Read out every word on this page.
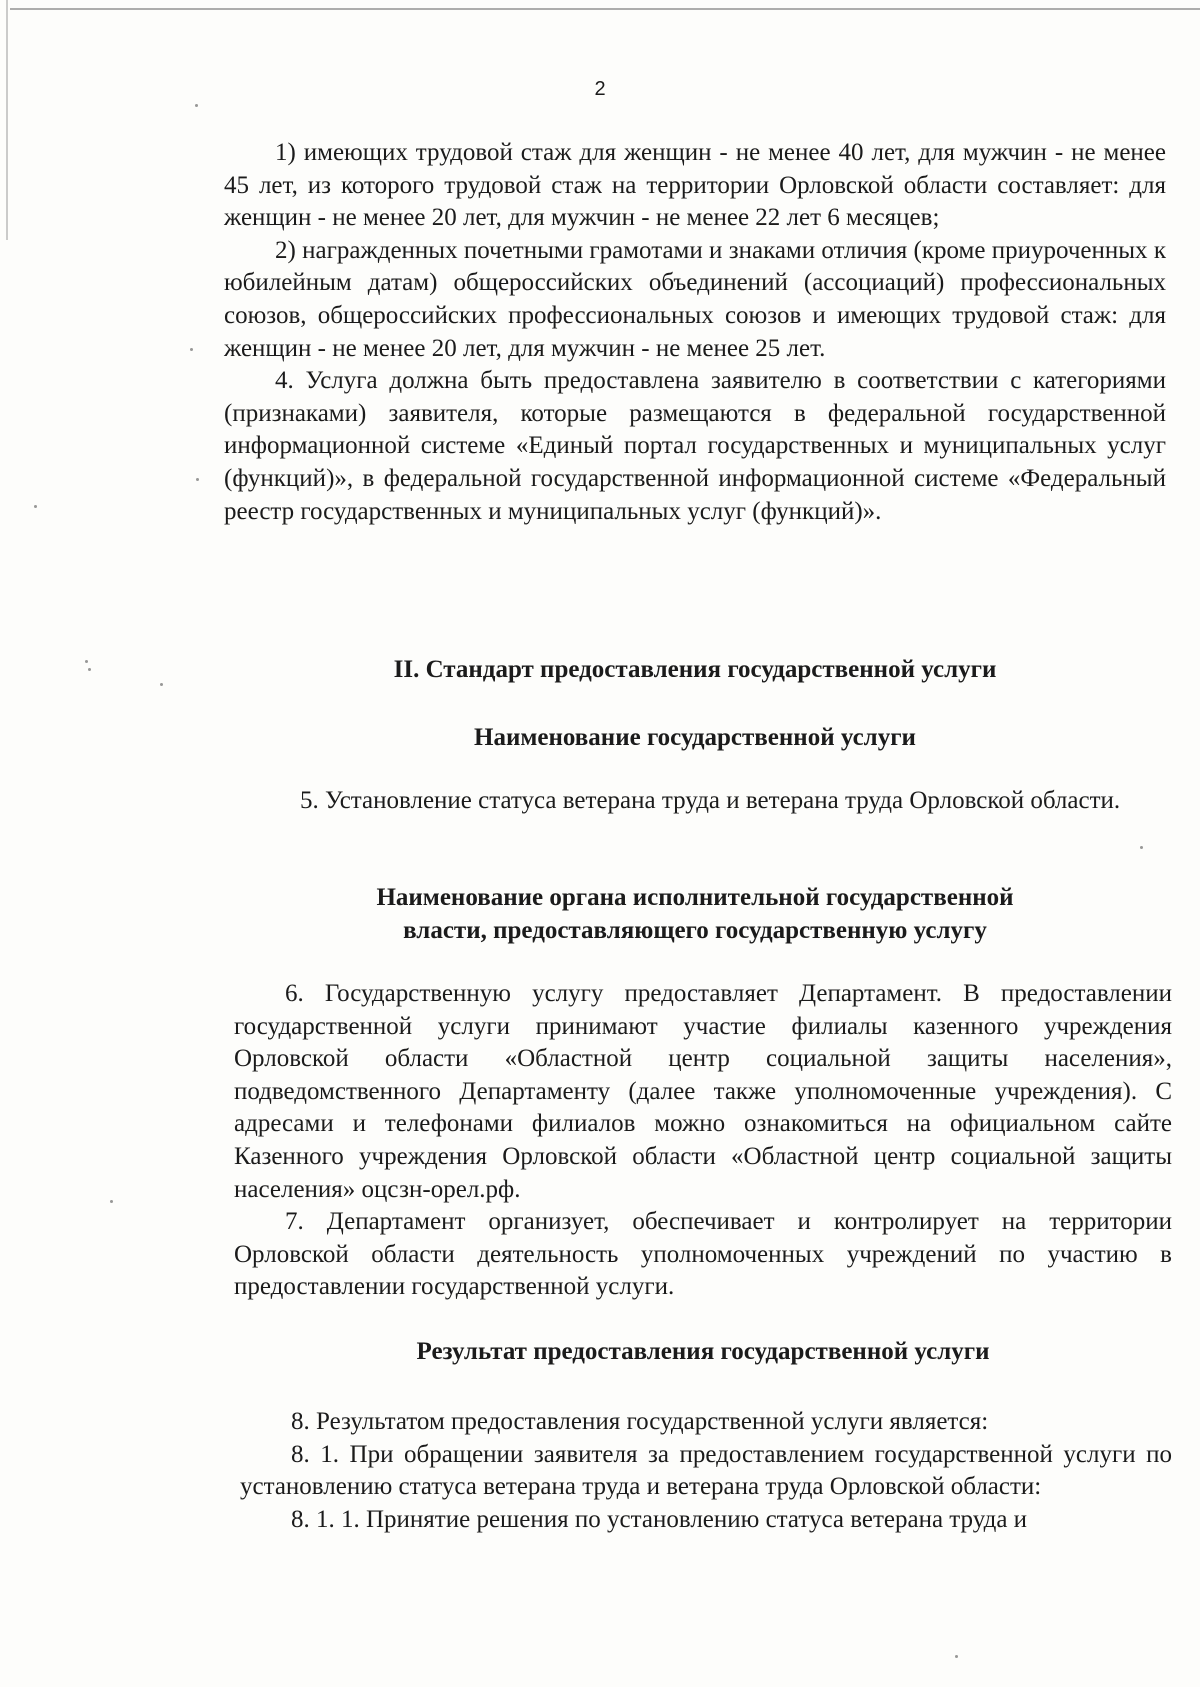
2

1) имеющих трудовой стаж для женщин - не менее 40 лет, для мужчин - не менее 45 лет, из которого трудовой стаж на территории Орловской области составляет: для женщин - не менее 20 лет, для мужчин - не менее 22 лет 6 месяцев;

2) награжденных почетными грамотами и знаками отличия (кроме приуроченных к юбилейным датам) общероссийских объединений (ассоциаций) профессиональных союзов, общероссийских профессиональных союзов и имеющих трудовой стаж: для женщин - не менее 20 лет, для мужчин - не менее 25 лет.

4. Услуга должна быть предоставлена заявителю в соответствии с категориями (признаками) заявителя, которые размещаются в федеральной государственной информационной системе «Единый портал государственных и муниципальных услуг (функций)», в федеральной государственной информационной системе «Федеральный реестр государственных и муниципальных услуг (функций)».

II. Стандарт предоставления государственной услуги
Наименование государственной услуги

5. Установление статуса ветерана труда и ветерана труда Орловской области.

Наименование органа исполнительной государственной
власти, предоставляющего государственную услугу

6. Государственную услугу предоставляет Департамент. В предоставлении государственной услуги принимают участие филиалы казенного учреждения Орловской области «Областной центр социальной защиты населения», подведомственного Департаменту (далее также уполномоченные учреждения). С адресами и телефонами филиалов можно ознакомиться на официальном сайте Казенного учреждения Орловской области «Областной центр социальной защиты населения» оцсзн-орел.рф.

7. Департамент организует, обеспечивает и контролирует на территории Орловской области деятельность уполномоченных учреждений по участию в предоставлении государственной услуги.

Результат предоставления государственной услуги

8. Результатом предоставления государственной услуги является:

8. 1. При обращении заявителя за предоставлением государственной услуги по установлению статуса ветерана труда и ветерана труда Орловской области:

8. 1. 1. Принятие решения по установлению статуса ветерана труда и
